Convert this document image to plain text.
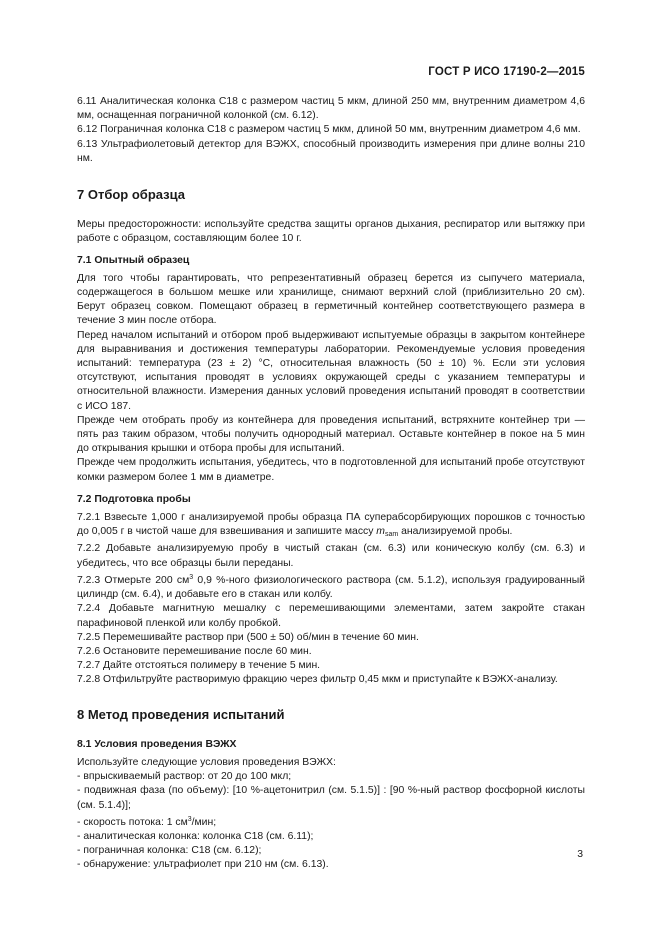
ГОСТ Р ИСО 17190-2—2015

6.11 Аналитическая колонка С18 с размером частиц 5 мкм, длиной 250 мм, внутренним диаметром 4,6 мм, оснащенная пограничной колонкой (см. 6.12).

6.12 Пограничная колонка С18 с размером частиц 5 мкм, длиной 50 мм, внутренним диаметром 4,6 мм.

6.13 Ультрафиолетовый детектор для ВЭЖХ, способный производить измерения при длине волны 210 нм.

7 Отбор образца

Меры предосторожности: используйте средства защиты органов дыхания, респиратор или вытяжку при работе с образцом, составляющим более 10 г.

7.1 Опытный образец

Для того чтобы гарантировать, что репрезентативный образец берется из сыпучего материала, содержащегося в большом мешке или хранилище, снимают верхний слой (приблизительно 20 см). Берут образец совком. Помещают образец в герметичный контейнер соответствующего размера в течение 3 мин после отбора.

Перед началом испытаний и отбором проб выдерживают испытуемые образцы в закрытом контейнере для выравнивания и достижения температуры лаборатории. Рекомендуемые условия проведения испытаний: температура (23 ± 2) °С, относительная влажность (50 ± 10) %. Если эти условия отсутствуют, испытания проводят в условиях окружающей среды с указанием температуры и относительной влажности. Измерения данных условий проведения испытаний проводят в соответствии с ИСО 187.

Прежде чем отобрать пробу из контейнера для проведения испытаний, встряхните контейнер три — пять раз таким образом, чтобы получить однородный материал. Оставьте контейнер в покое на 5 мин до открывания крышки и отбора пробы для испытаний.

Прежде чем продолжить испытания, убедитесь, что в подготовленной для испытаний пробе отсутствуют комки размером более 1 мм в диаметре.

7.2 Подготовка пробы

7.2.1 Взвесьте 1,000 г анализируемой пробы образца ПА суперабсорбирующих порошков с точностью до 0,005 г в чистой чаше для взвешивания и запишите массу $m_{sam}$ анализируемой пробы.

7.2.2 Добавьте анализируемую пробу в чистый стакан (см. 6.3) или коническую колбу (см. 6.3) и убедитесь, что все образцы были переданы.

7.2.3 Отмерьте 200 $см^3$ 0,9 %-ного физиологического раствора (см. 5.1.2), используя градуированный цилиндр (см. 6.4), и добавьте его в стакан или колбу.

7.2.4 Добавьте магнитную мешалку с перемешивающими элементами, затем закройте стакан парафиновой пленкой или колбу пробкой.

7.2.5 Перемешивайте раствор при (500 ± 50) об/мин в течение 60 мин.

7.2.6 Остановите перемешивание после 60 мин.

7.2.7 Дайте отстояться полимеру в течение 5 мин.

7.2.8 Отфильтруйте растворимую фракцию через фильтр 0,45 мкм и приступайте к ВЭЖХ-анализу.

8 Метод проведения испытаний
8.1 Условия проведения ВЭЖХ

Используйте следующие условия проведения ВЭЖХ:

- впрыскиваемый раствор: от 20 до 100 мкл;

- подвижная фаза (по объему): [10 %-ацетонитрил (см. 5.1.5)] : [90 %-ный раствор фосфорной кислоты (см. 5.1.4)];

- скорость потока: 1 $см^3$/мин;

- аналитическая колонка: колонка С18 (см. 6.11);

- пограничная колонка: С18 (см. 6.12);

- обнаружение: ультрафиолет при 210 нм (см. 6.13).

3
